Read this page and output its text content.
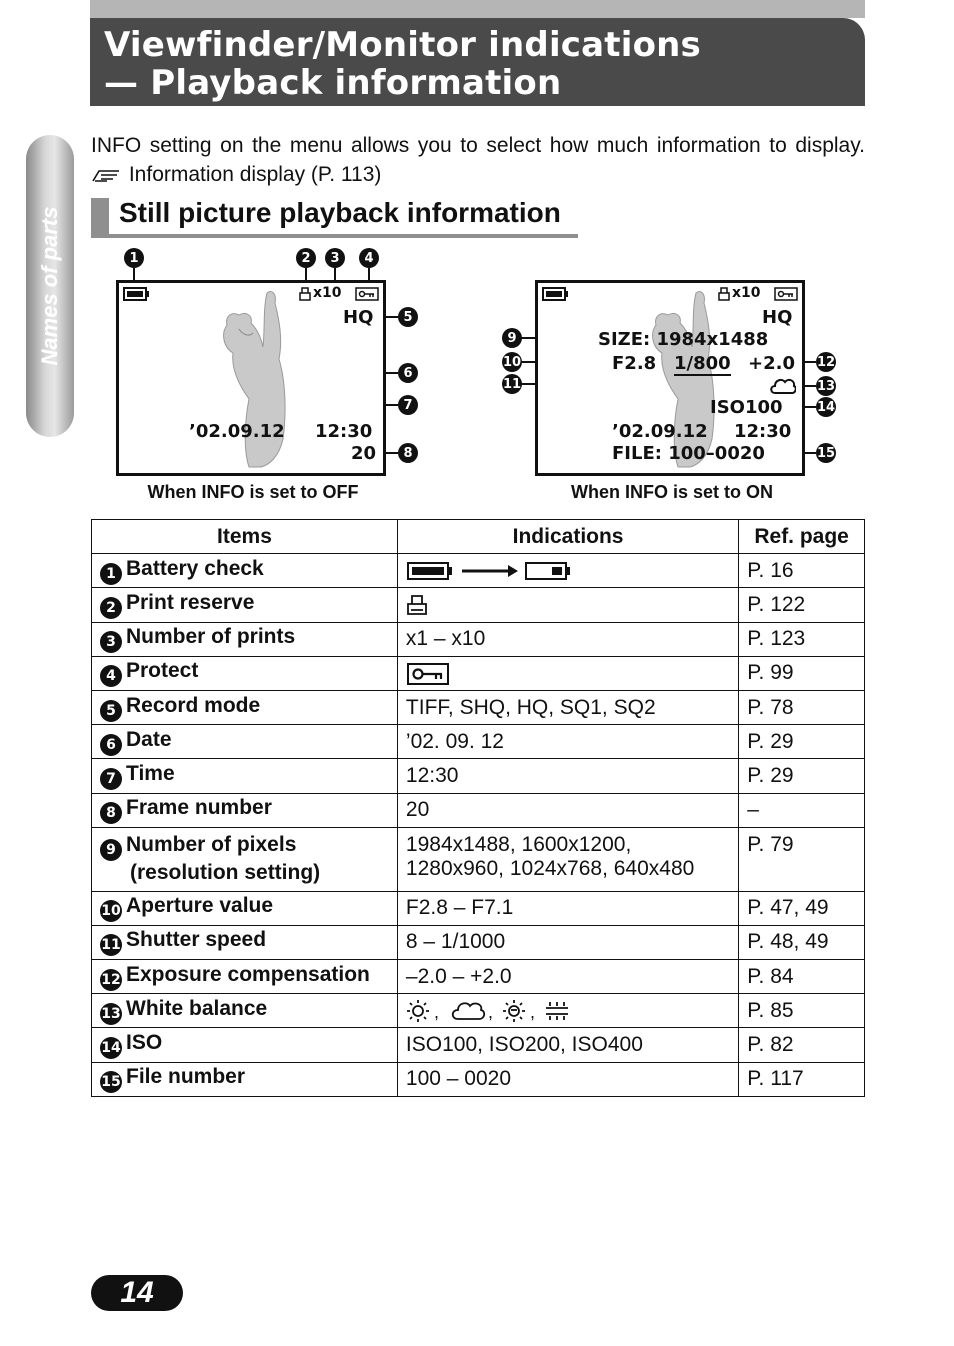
Viewfinder/Monitor indications
— Playback information
Names of parts

INFO setting on the menu allows you to select how much information to display.  Information display (P. 113)

Still picture playback information
1	2	3	4
x10
HQ
’02.09.12 12:30
20
5
6
7
8
When INFO is set to OFF
x10
HQ
SIZE: 1984x1488
F2.8 1/800 +2.0
ISO100
’02.09.12 12:30
FILE: 100–0020
9
10
11
12
13
14
15
When INFO is set to ON
Items	Indications	Ref. page
1 Battery check		P. 16
2 Print reserve		P. 122
3 Number of prints	x1 – x10	P. 123
4 Protect		P. 99
5 Record mode	TIFF, SHQ, HQ, SQ1, SQ2	P. 78
6 Date	’02. 09. 12	P. 29
7 Time	12:30	P. 29
8 Frame number	20	–
9 Number of pixels
(resolution setting)	1984x1488, 1600x1200,
1280x960, 1024x768, 640x480	P. 79
10 Aperture value	F2.8 – F7.1	P. 47, 49
11 Shutter speed	8 – 1/1000	P. 48, 49
12 Exposure compensation	–2.0 – +2.0	P. 84
13 White balance	, , ,	P. 85
14 ISO	ISO100, ISO200, ISO400	P. 82
15 File number	100 – 0020	P. 117
14
